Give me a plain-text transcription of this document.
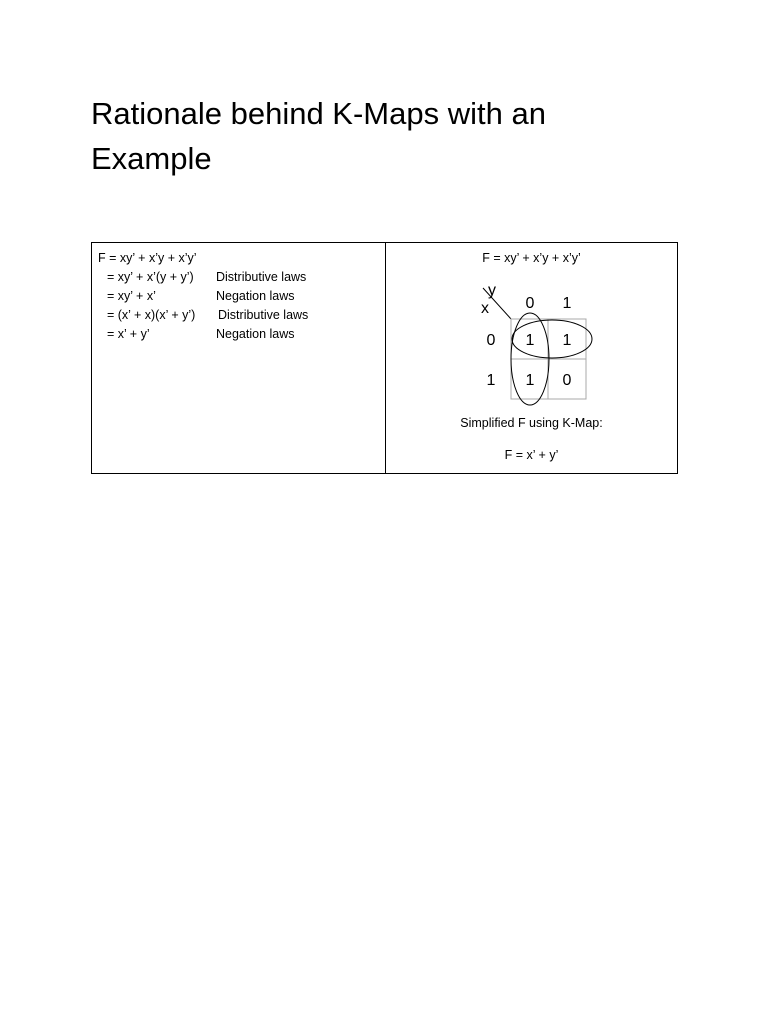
Rationale behind K-Maps with an
Example
F = xy’ + x’y + x’y’
= xy’ + x’(y + y’) Distributive laws
= xy’ + x’	Negation laws
= (x’ + x)(x’ + y’) Distributive laws
= x’ + y’	Negation laws
F = xy’ + x’y + x’y’
y
x 0 1
0
1
1 1
1 0
Simplified F using K-Map:
F = x’ + y’
